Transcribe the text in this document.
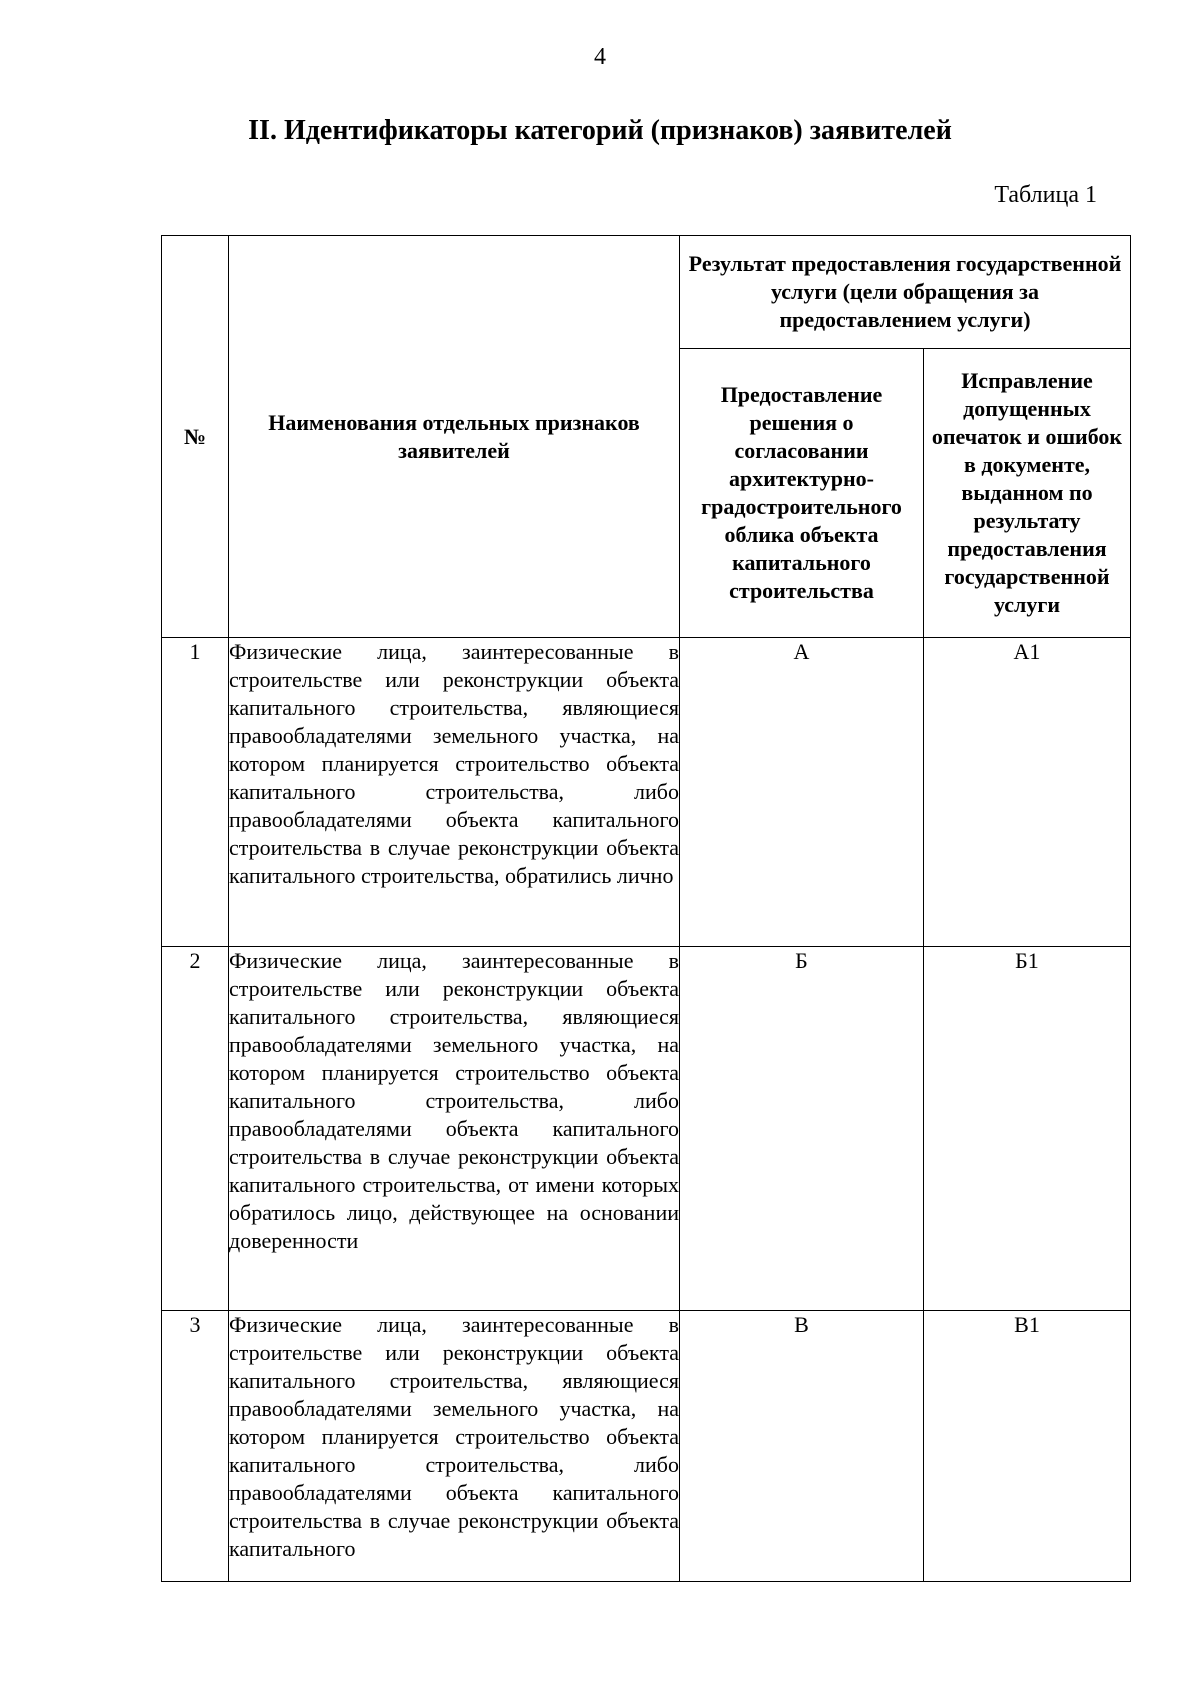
4
II. Идентификаторы категорий (признаков) заявителей
Таблица 1
№	Наименования отдельных признаков заявителей	Результат предоставления государственной услуги (цели обращения за предоставлением услуги)	
		Предоставление решения о согласовании архитектурно-градостроительного облика объекта капитального строительства	Исправление допущенных опечаток и ошибок в документе, выданном по результату предоставления государственной услуги
1	Физические лица, заинтересованные в строительстве или реконструкции объекта капитального строительства, являющиеся правообладателями земельного участка, на котором планируется строительство объекта капитального строительства, либо правообладателями объекта капитального строительства в случае реконструкции объекта капитального строительства, обратились лично	А	А1
2	Физические лица, заинтересованные в строительстве или реконструкции объекта капитального строительства, являющиеся правообладателями земельного участка, на котором планируется строительство объекта капитального строительства, либо правообладателями объекта капитального строительства в случае реконструкции объекта капитального строительства, от имени которых обратилось лицо, действующее на основании доверенности	Б	Б1
3	Физические лица, заинтересованные в строительстве или реконструкции объекта капитального строительства, являющиеся правообладателями земельного участка, на котором планируется строительство объекта капитального строительства, либо правообладателями объекта капитального строительства в случае реконструкции объекта капитального	В	В1
